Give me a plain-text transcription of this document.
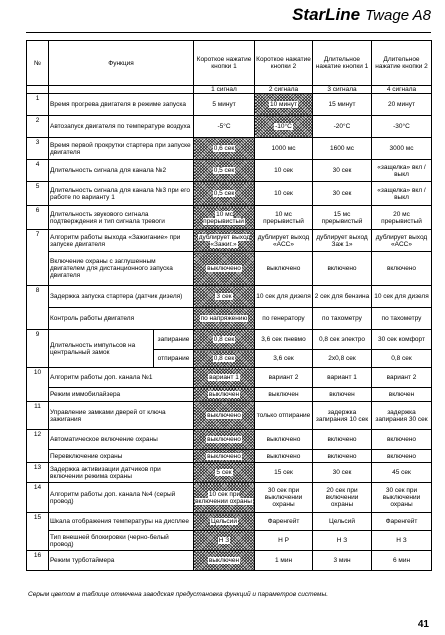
StarLine Twage A8
№	Функция		Короткое нажатие кнопки 1	Короткое нажатие кнопки 2	Длительное нажатие кнопки 1	Длительное нажатие кнопки 2
			1 сигнал	2 сигнала	3 сигнала	4 сигнала
1	Время прогрева двигателя в режиме запуска		5 минут	10 минут	15 минут	20 минут
2	Автозапуск двигателя по температуре воздуха		-5°C	-10°C	-20°C	-30°C
3	Время первой прокрутки стартера при запуске двигателя		0,6 сек	1000 мс	1600 мс	3000 мс
4	Длительность сигнала для канала №2		0,5 сек	10 сек	30 сек	«защелка» вкл / выкл
5	Длительность сигнала для канала №3 при его работе по варианту 1		0,5 сек	10 сек	30 сек	«защелка» вкл / выкл
6	Длительность звукового сигнала подтверждения и тип сигнала тревоги		10 мс прерывистый	10 мс прерывистый	15 мс прерывистый	20 мс прерывистый
7	Алгоритм работы выхода «Зажигание» при запуске двигателя		дублирует выход «Зажиг.»	дублирует выход «ACC»	дублирует выход Заж 1»	дублирует выход «ACC»
	Включение охраны с заглушенным двигателем для дистанционного запуска двигателя		выключено	выключено	включено	включено
8	Задержка запуска стартера (датчик дизеля)		3 сек	10 сек для дизеля	2 сек для бензина	10 сек для дизеля
	Контроль работы двигателя		по напряжению	по генератору	по тахометру	по тахометру
9	Длительность импульсов на центральный замок	запирание	0,8 сек	3,6 сек пневмо	0,8 сек электро	30 сек комфорт
		отпирание	0,8 сек	3,6 сек	2x0,8 сек	0,8 сек
10	Алгоритм работы доп. канала №1		вариант 1	вариант 2	вариант 1	вариант 2
	Режим иммобилайзера		выключен	выключен	включен	включен
11	Управление замками дверей от ключа зажигания		выключено	только отпирание	задержка запирания 10 сек	задержка запирания 30 сек
12	Автоматическое включение охраны		выключено	выключено	включено	включено
	Перевключение охраны		выключено	выключено	включено	включено
13	Задержка активизации датчиков при включении режима охраны		5 сек	15 сек	30 сек	45 сек
14	Алгоритм работы доп. канала №4 (серый провод)		10 сек при включении охраны	30 сек при выключении охраны	20 сек при включении охраны	30 сек при выключении охраны
15	Шкала отображения температуры на дисплее		Цельсий	Фаренгейт	Цельсий	Фаренгейт
	Тип внешней блокировки (черно-белый провод)		Н З	Н Р	Н З	Н З
16	Режим турботаймера		выключен	1 мин	3 мин	6 мин
Серым цветом в таблице отмечена заводская предустановка функций и параметров системы.
41
